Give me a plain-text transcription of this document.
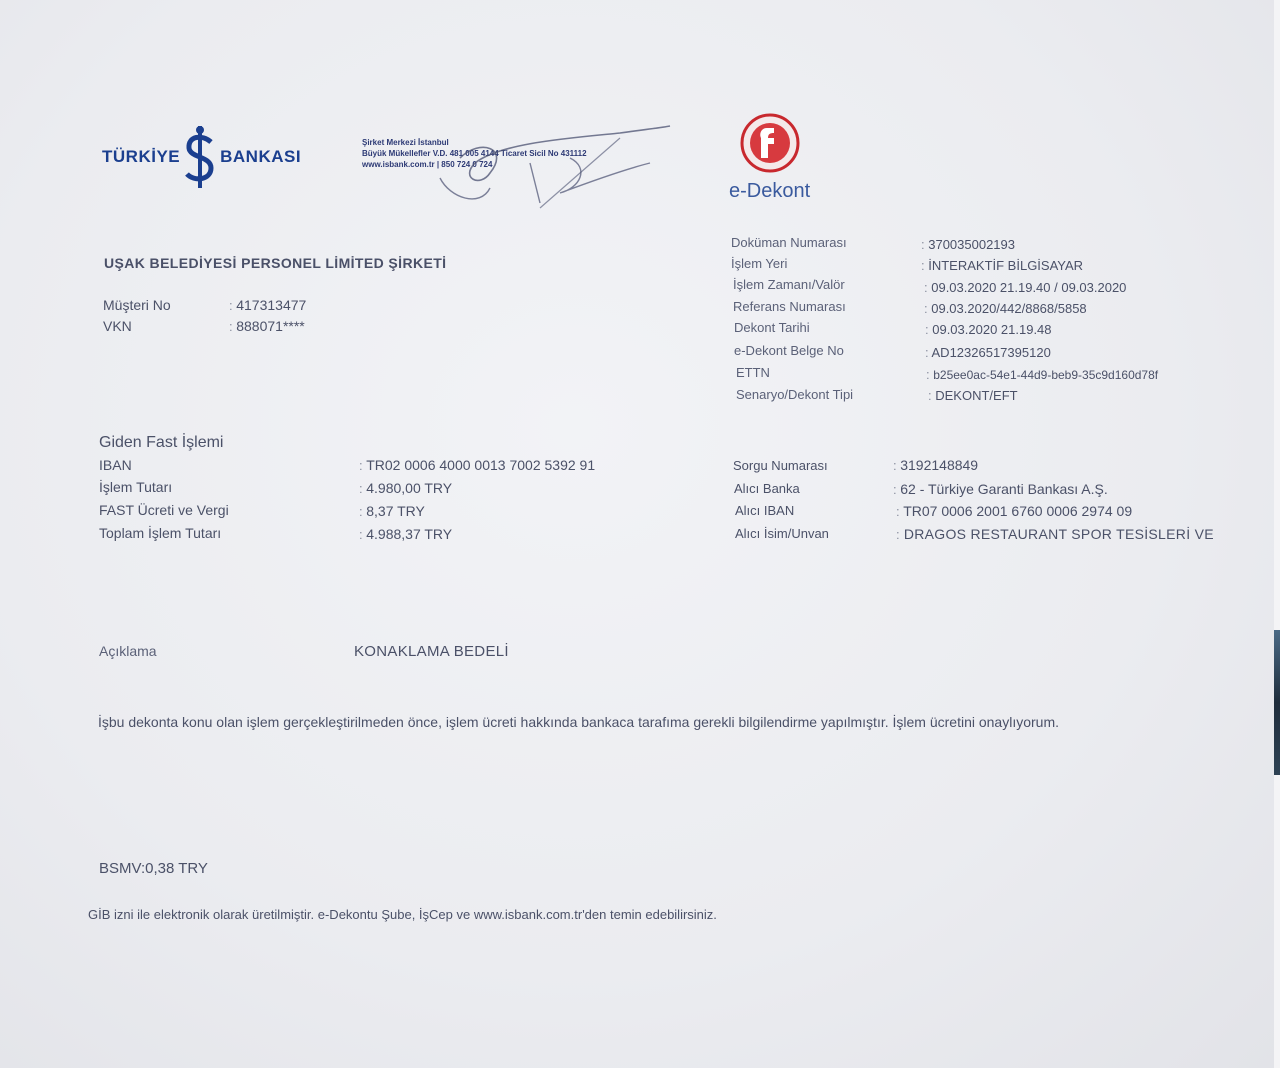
TÜRKİYE BANKASI
Şirket Merkezi İstanbul
Büyük Mükellefler V.D. 481 005 4144 Ticaret Sicil No 431112
www.isbank.com.tr | 850 724 0 724
e-Dekont
UŞAK BELEDİYESİ PERSONEL LİMİTED ŞİRKETİ
Müşteri No	: 417313477
VKN	: 888071****
Doküman Numarası	: 370035002193
İşlem Yeri	: İNTERAKTİF BİLGİSAYAR
İşlem Zamanı/Valör	: 09.03.2020 21.19.40 / 09.03.2020
Referans Numarası	: 09.03.2020/442/8868/5858
Dekont Tarihi	: 09.03.2020 21.19.48
e-Dekont Belge No	: AD12326517395120
ETTN	: b25ee0ac-54e1-44d9-beb9-35c9d160d78f
Senaryo/Dekont Tipi	: DEKONT/EFT
Giden Fast İşlemi
IBAN	: TR02 0006 4000 0013 7002 5392 91
İşlem Tutarı	: 4.980,00 TRY
FAST Ücreti ve Vergi	: 8,37 TRY
Toplam İşlem Tutarı	: 4.988,37 TRY
Sorgu Numarası	: 3192148849
Alıcı Banka	: 62 - Türkiye Garanti Bankası A.Ş.
Alıcı IBAN	: TR07 0006 2001 6760 0006 2974 09
Alıcı İsim/Unvan	: DRAGOS RESTAURANT SPOR TESİSLERİ VE
Açıklama	KONAKLAMA BEDELİ
İşbu dekonta konu olan işlem gerçekleştirilmeden önce, işlem ücreti hakkında bankaca tarafıma gerekli bilgilendirme yapılmıştır. İşlem ücretini onaylıyorum.
BSMV:0,38 TRY
GİB izni ile elektronik olarak üretilmiştir. e-Dekontu Şube, İşCep ve www.isbank.com.tr'den temin edebilirsiniz.
